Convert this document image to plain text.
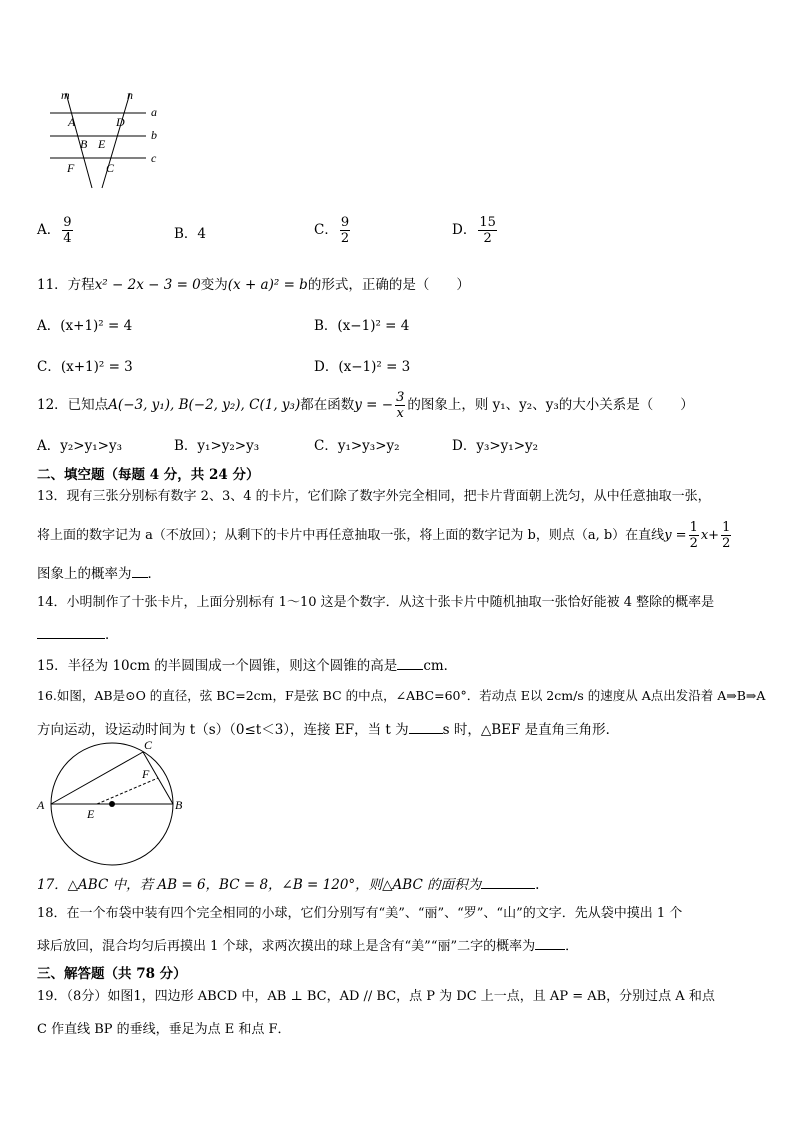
m	n
a
b
c
A	D
B E
F	C
A． $\frac{9}{4}$	B．4	C． $\frac{9}{2}$	D． $\frac{15}{2}$
11．方程x² − 2x − 3 = 0变为(x + a)² = b的形式，正确的是（　　）
A．(x+1)² = 4	B．(x−1)² = 4
C．(x+1)² = 3	D．(x−1)² = 3
12．已知点A(−3, y₁), B(−2, y₂), C(1, y₃)都在函数y = − $\frac{3}{x}$ 的图象上，则 y₁、y₂、y₃的大小关系是（　　）
A．y₂>y₁>y₃	B．y₁>y₂>y₃	C．y₁>y₃>y₂	D．y₃>y₁>y₂
二、填空题（每题 4 分，共 24 分）
13．现有三张分别标有数字 2、3、4 的卡片，它们除了数字外完全相同，把卡片背面朝上洗匀，从中任意抽取一张，
将上面的数字记为 a（不放回）；从剩下的卡片中再任意抽取一张，将上面的数字记为 b，则点（a, b）在直线$y = \frac{1}{2} x+ \frac{1}{2}$
图象上的概率为 ．
14．小明制作了十张卡片，上面分别标有 1～10 这是个数字．从这十张卡片中随机抽取一张恰好能被 4 整除的概率是
．
15．半径为 10cm 的半圆围成一个圆锥，则这个圆锥的高是 cm．
16.如图，AB是⊙O 的直径，弦 BC=2cm，F是弦 BC 的中点，∠ABC=60°．若动点 E以 2cm/s 的速度从 A点出发沿着 A⇒B⇒A
方向运动，设运动时间为 t（s）（0≤t＜3），连接 EF，当 t 为	s 时，△BEF 是直角三角形．
A	B
C
F
E
17．△ABC 中，若 AB = 6，BC = 8，∠B = 120°，则△ABC 的面积为	.
18．在一个布袋中装有四个完全相同的小球，它们分别写有“美”、“丽”、“罗”、“山”的文字．先从袋中摸出 1 个
球后放回，混合均匀后再摸出 1 个球，求两次摸出的球上是含有“美”“丽”二字的概率为 ．
三、解答题（共 78 分）
19．（8分）如图1，四边形 ABCD 中，AB ⊥ BC，AD // BC，点 P 为 DC 上一点，且 AP = AB，分别过点 A 和点
C 作直线 BP 的垂线，垂足为点 E 和点 F．
